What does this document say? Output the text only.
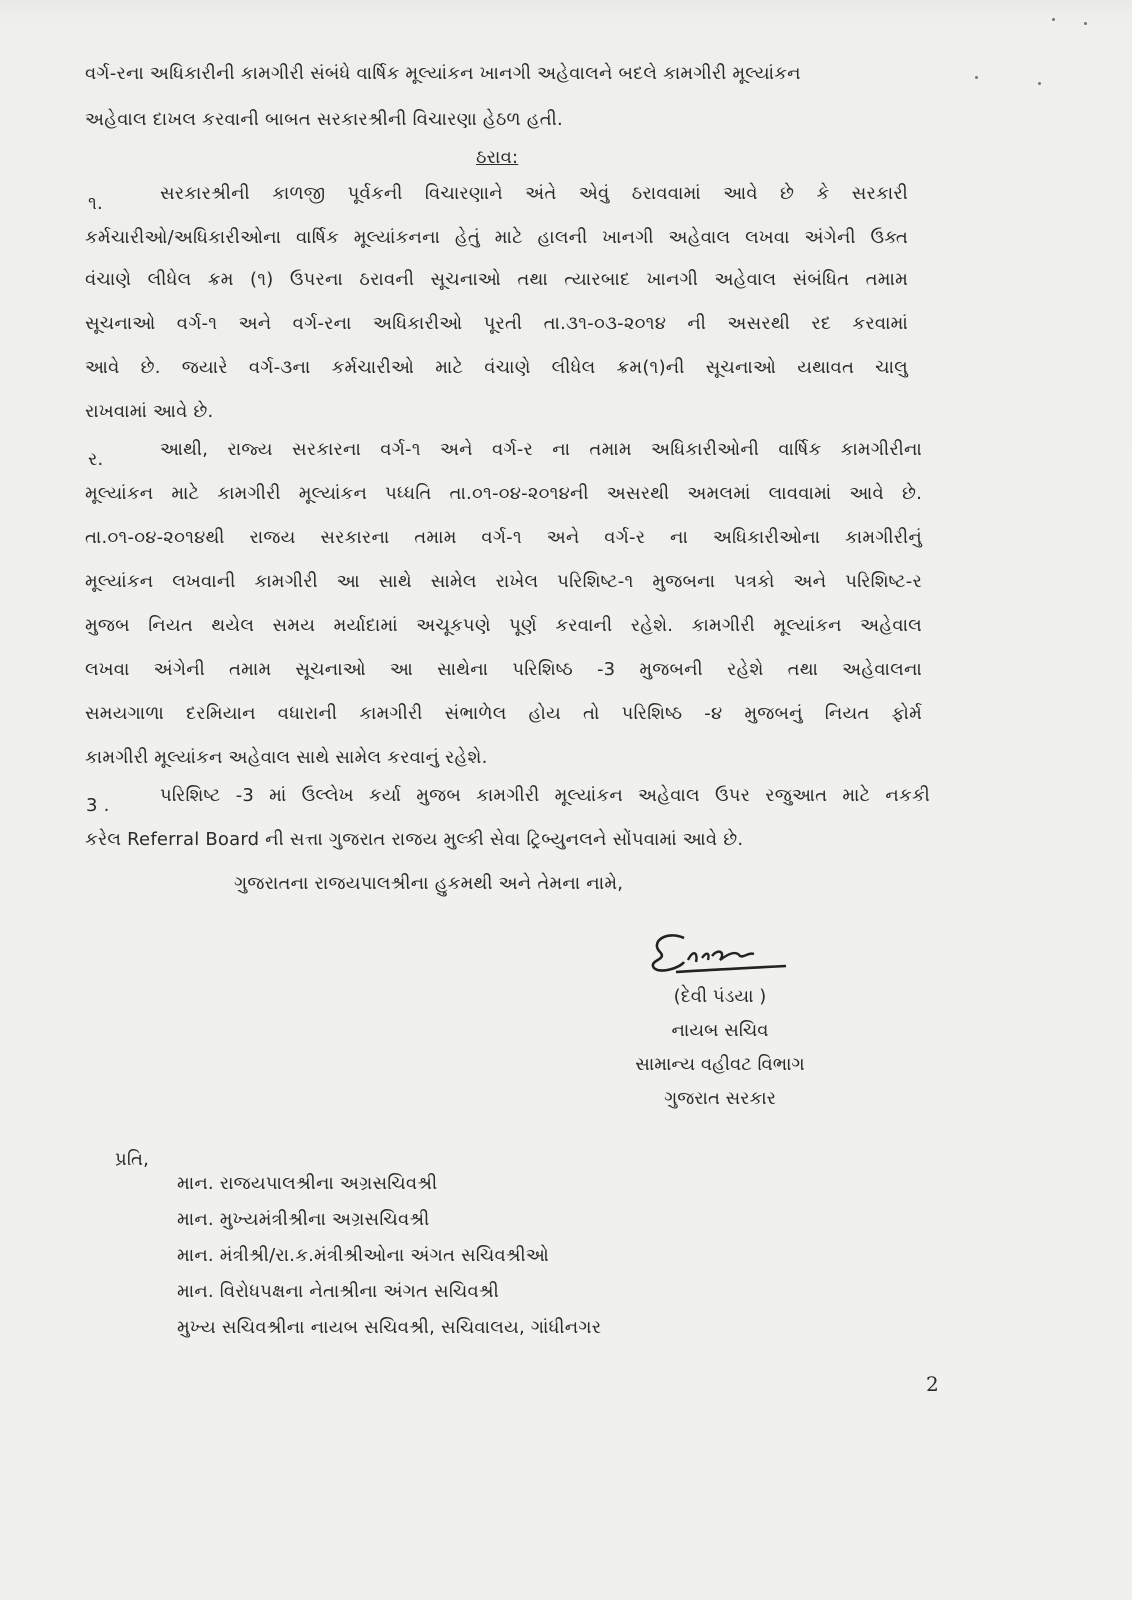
વર્ગ-રના અધિકારીની કામગીરી સંબંધે વાર્ષિક મૂલ્યાંકન ખાનગી અહેવાલને બદલે કામગીરી મૂલ્યાંકન
અહેવાલ દાખલ કરવાની બાબત સરકારશ્રીની વિચારણા હેઠળ હતી.
ઠરાવ:
૧.	સરકારશ્રીની કાળજી પૂર્વકની વિચારણાને અંતે એવું ઠરાવવામાં આવે છે કે સરકારી
કર્મચારીઓ/અધિકારીઓના વાર્ષિક મૂલ્યાંકનના હેતું માટે હાલની ખાનગી અહેવાલ લખવા અંગેની ઉક્ત
વંચાણે લીધેલ ક્રમ (૧) ઉપરના ઠરાવની સૂચનાઓ તથા ત્યારબાદ ખાનગી અહેવાલ સંબંધિત તમામ
સૂચનાઓ વર્ગ-૧ અને વર્ગ-રના અધિકારીઓ પૂરતી તા.૩૧-૦૩-૨૦૧૪ ની અસરથી રદ કરવામાં
આવે છે. જયારે વર્ગ-૩ના કર્મચારીઓ માટે વંચાણે લીધેલ ક્રમ(૧)ની સૂચનાઓ યથાવત ચાલુ
રાખવામાં આવે છે.
ર.	આથી, રાજ્ય સરકારના વર્ગ-૧ અને વર્ગ-ર ના તમામ અધિકારીઓની વાર્ષિક કામગીરીના
મૂલ્યાંકન માટે કામગીરી મૂલ્યાંકન પધ્ધતિ તા.૦૧-૦૪-૨૦૧૪ની અસરથી અમલમાં લાવવામાં આવે છે.
તા.૦૧-૦૪-૨૦૧૪થી રાજય સરકારના તમામ વર્ગ-૧ અને વર્ગ-ર ના અધિકારીઓના કામગીરીનું
મૂલ્યાંકન લખવાની કામગીરી આ સાથે સામેલ રાખેલ પરિશિષ્ટ-૧ મુજબના પત્રકો અને પરિશિષ્ટ-ર
મુજબ નિયત થયેલ સમય મર્યાદામાં અચૂકપણે પૂર્ણ કરવાની રહેશે. કામગીરી મૂલ્યાંકન અહેવાલ
લખવા અંગેની તમામ સૂચનાઓ આ સાથેના પરિશિષ્ઠ -3 મુજબની રહેશે તથા અહેવાલના
સમયગાળા દરમિયાન વધારાની કામગીરી સંભાળેલ હોય તો પરિશિષ્ઠ -૪ મુજબનું નિયત ફોર્મ
કામગીરી મૂલ્યાંકન અહેવાલ સાથે સામેલ કરવાનું રહેશે.
3 .	પરિશિષ્ટ -3 માં ઉલ્લેખ કર્યા મુજબ કામગીરી મૂલ્યાંકન અહેવાલ ઉપર રજુઆત માટે નકકી
કરેલ Referral Board ની સત્તા ગુજરાત રાજય મુલ્કી સેવા ટ્રિબ્યુનલને સોંપવામાં આવે છે.
ગુજરાતના રાજયપાલશ્રીના હુકમથી અને તેમના નામે,
(દેવી પંડયા )
નાયબ સચિવ
સામાન્ય વહીવટ વિભાગ
ગુજરાત સરકાર
પ્રતિ,
માન. રાજયપાલશ્રીના અગ્રસચિવશ્રી
માન. મુખ્યમંત્રીશ્રીના અગ્રસચિવશ્રી
માન. મંત્રીશ્રી/રા.ક.મંત્રીશ્રીઓના અંગત સચિવશ્રીઓ
માન. વિરોધપક્ષના નેતાશ્રીના અંગત સચિવશ્રી
મુખ્ય સચિવશ્રીના નાયબ સચિવશ્રી, સચિવાલય, ગાંધીનગર
2
